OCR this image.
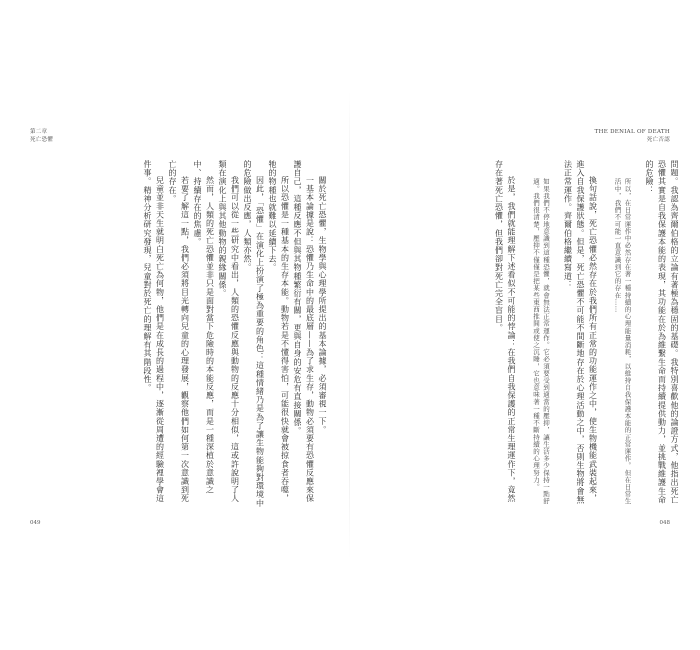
第二章
死亡恐懼

關於死亡恐懼，生物學與心理學所提出的基本論據，必須審視一下。

一基本論據是說：恐懼乃生命中的最底層——為了求生存，動物必須要有恐懼反應來保護自己，這種反應不但與其物種繁衍有關，更與自身的安危有直接關係。

所以恐懼是一種基本的生存本能。動物若是不懂得害怕，可能很快就會被掠食者吞噬，牠的物種也就難以延續下去。

因此，「恐懼」在演化上扮演了極為重要的角色：這種情緒乃是為了讓生物能夠對環境中的危險做出反應，人類亦然。

我們可以從一些研究中看出，人類的恐懼反應與動物的反應十分相似，這或許說明了人類在演化上與其他動物的親緣關係。

然而，人類的死亡恐懼並非只是面對當下危險時的本能反應，而是一種深植於意識之中、持續存在的焦慮。

若要了解這一點，我們必須將目光轉向兒童的心理發展，觀察他們如何第一次意識到死亡的存在。

兒童並非天生就明白死亡為何物，他們是在成長的過程中，逐漸從周遭的經驗裡學會這件事。精神分析研究發現，兒童對於死亡的理解有其階段性。

049
THE DENIAL OF DEATH
死亡否認

問題。我認為齊爾伯格的立論有著極為穩固的基礎。我特別喜歡他的論證方式，他指出死亡恐懼其實是自我保護本能的表現，其功能在於為維繫生命而持續提供動力，並挑戰維護生命的危險：

所以，在日常運作中必然存在著一種持續的心理能量消耗，以維持自我保護本能的正常運作。但在日常生活中，我們不可能一直意識到它的存在……

換句話說，死亡恐懼必然存在於我們所有正常的功能運作之中，使生物機能武裝起來，進入自我保護狀態。但是，死亡恐懼不可能不間斷地存在於心理活動之中，否則生物將會無法正常運作。齊爾伯格繼續寫道：

如果我們不停地意識到這種恐懼，就會無法正常運作。它必須要受到適當的壓抑，讓生活多少保持一點舒適。我們很清楚，壓抑不僅僅是把某些東西推開或使之沉睡，它也意味著一種不斷持續的心理努力。

於是，我們就能理解下述看似不可能的悖論：在我們自我保護的正常生理運作下，竟然存在著死亡恐懼，但我們卻對死亡完全盲目。

048
